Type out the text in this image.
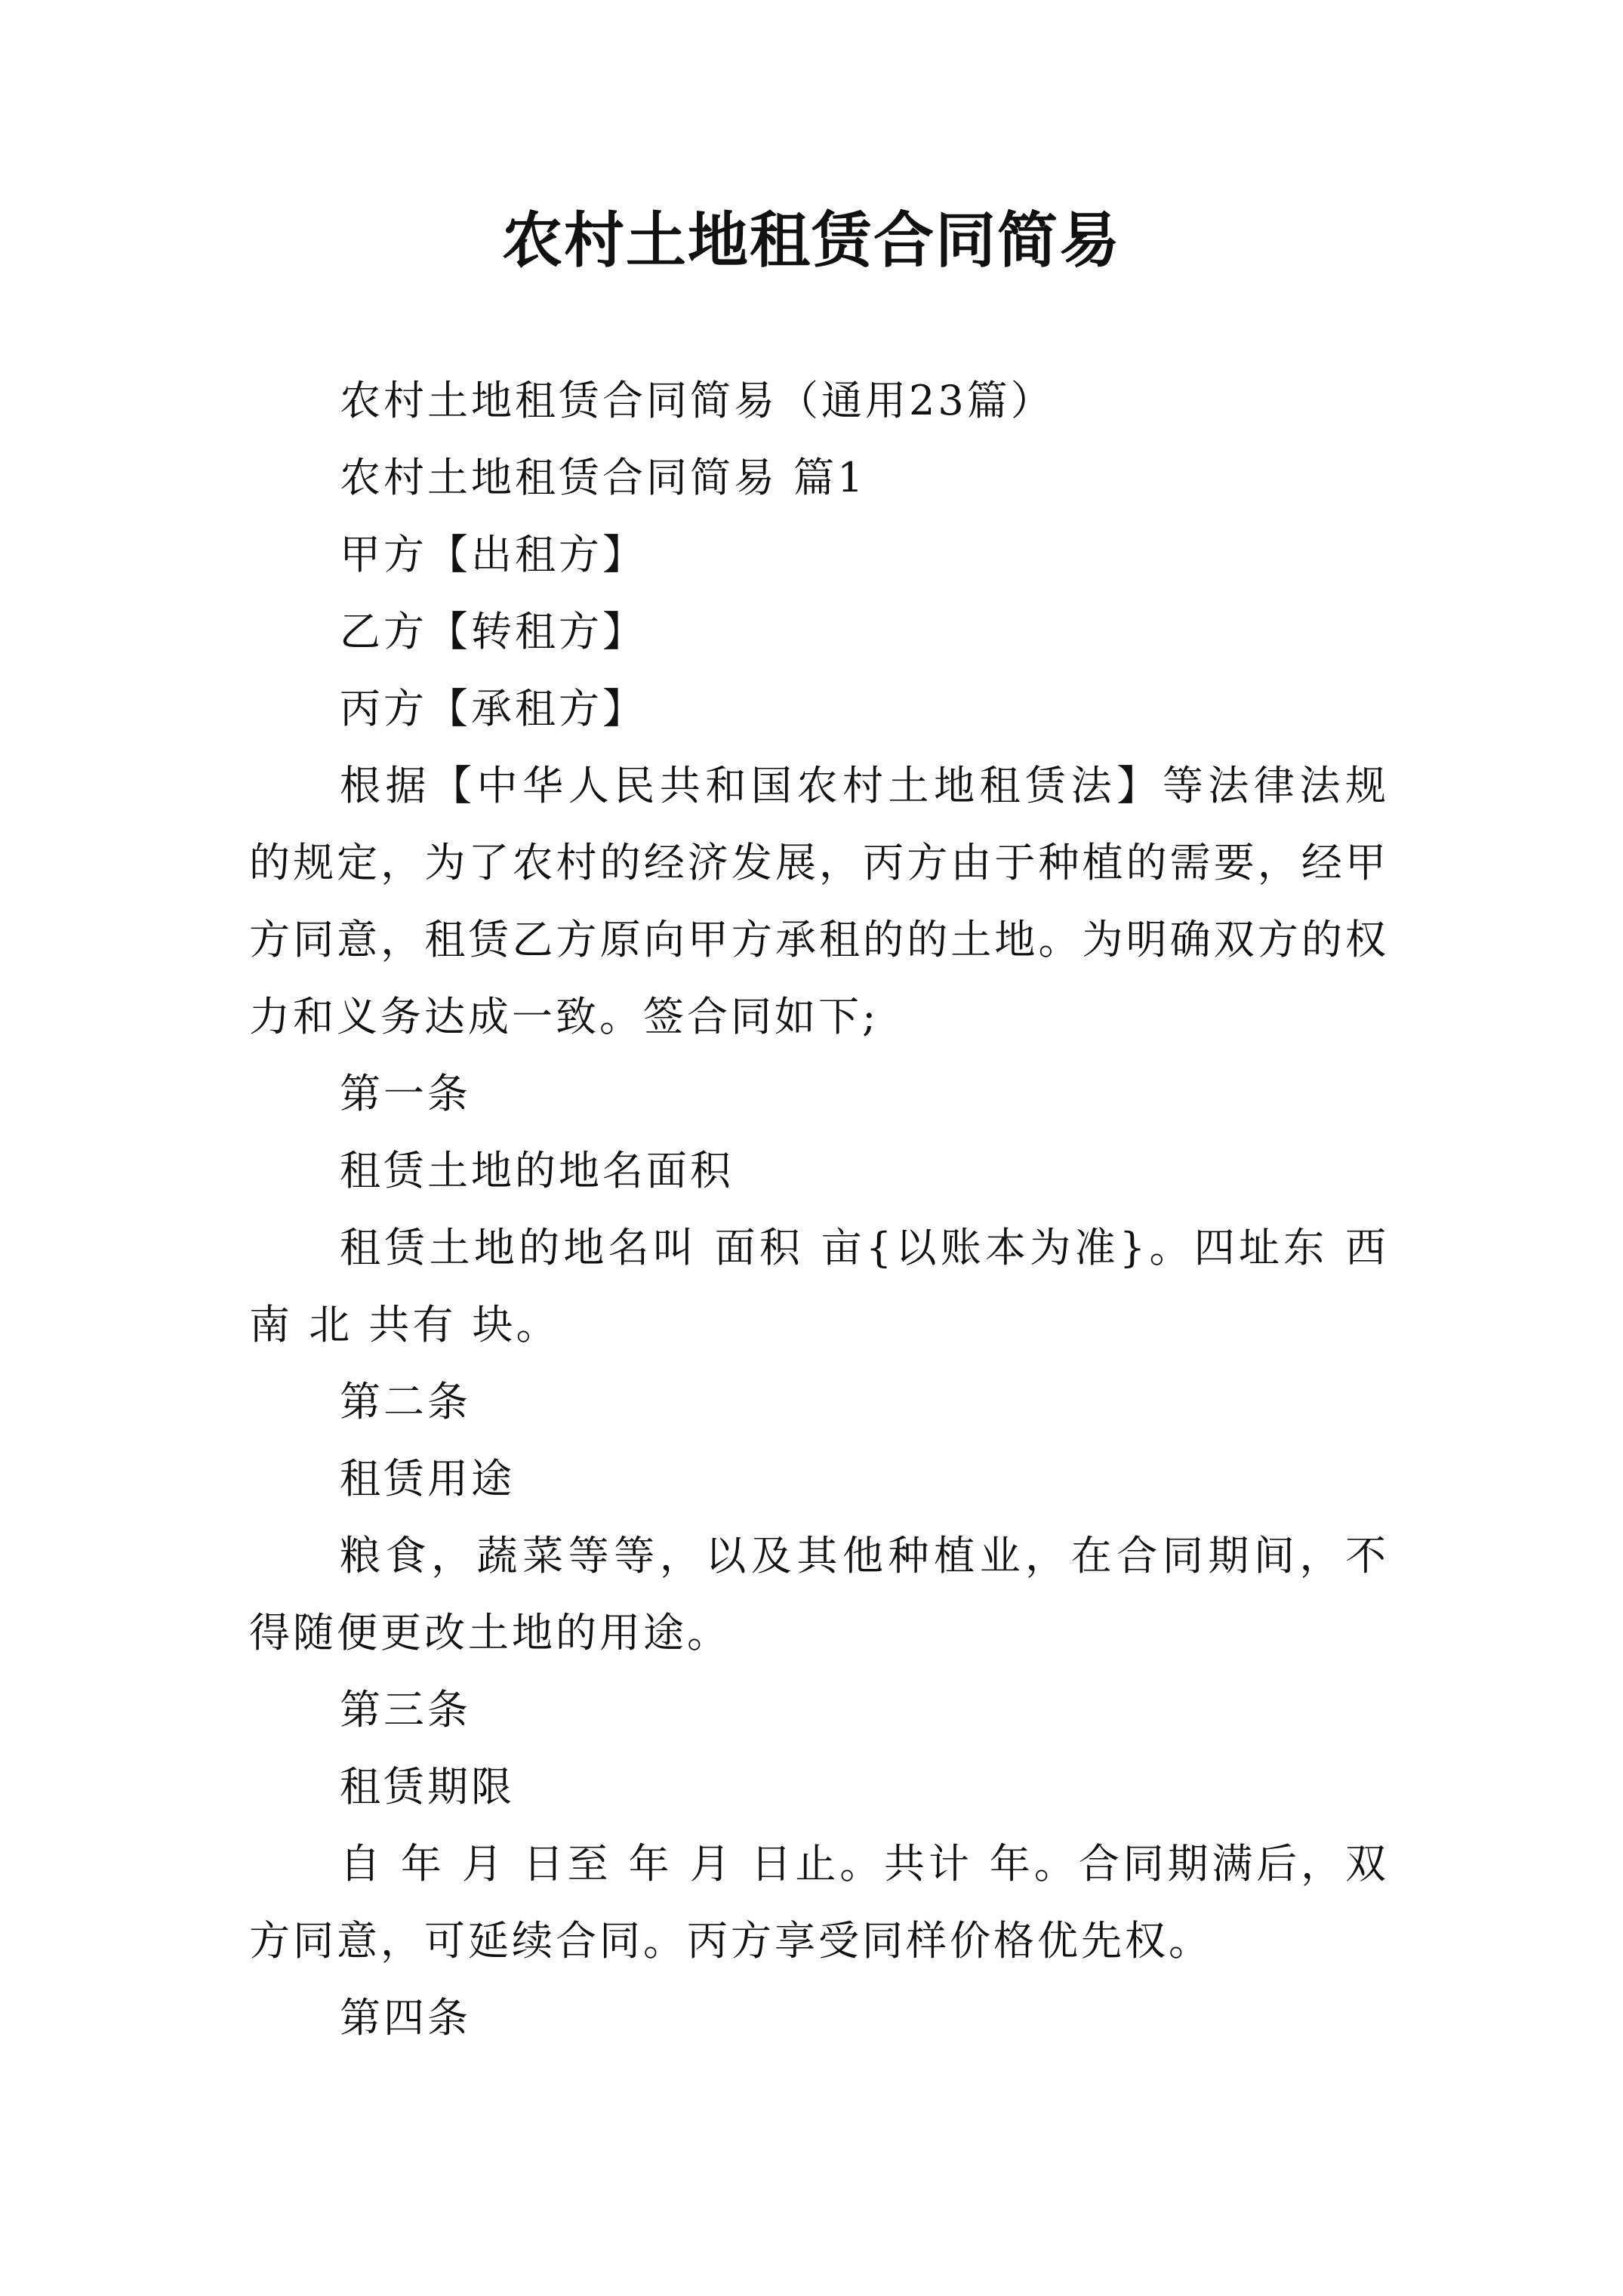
农村土地租赁合同简易

农村土地租赁合同简易（通用23篇）

农村土地租赁合同简易 篇1

甲方【出租方】

乙方【转租方】

丙方【承租方】

根据【中华人民共和国农村土地租赁法】等法律法规的规定，为了农村的经济发展，丙方由于种植的需要，经甲方同意，租赁乙方原向甲方承租的的土地。为明确双方的权力和义务达成一致。签合同如下;

第一条

租赁土地的地名面积

租赁土地的地名叫 面积 亩{以账本为准}。四址东 西 南 北 共有 块。

第二条

租赁用途

粮食，蔬菜等等，以及其他种植业，在合同期间，不得随便更改土地的用途。

第三条

租赁期限

自 年 月 日至 年 月 日止。共计 年。合同期满后，双方同意，可延续合同。丙方享受同样价格优先权。

第四条
